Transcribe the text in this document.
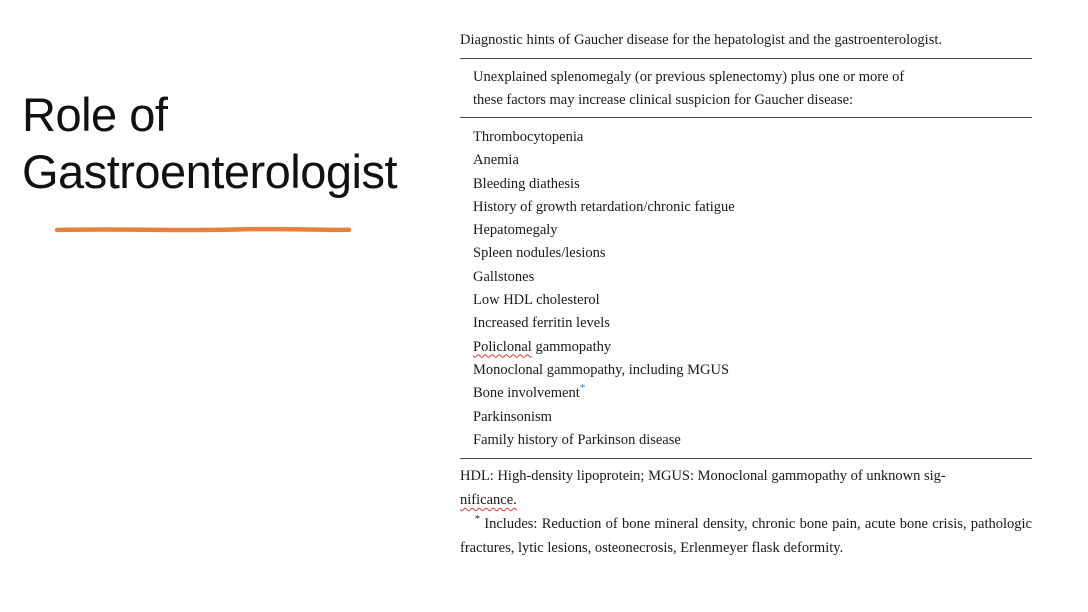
Role of
Gastroenterologist

Diagnostic hints of Gaucher disease for the hepatologist and the gastroenterologist.

Unexplained splenomegaly (or previous splenectomy) plus one or more of
these factors may increase clinical suspicion for Gaucher disease:

Thrombocytopenia
Anemia
Bleeding diathesis
History of growth retardation/chronic fatigue
Hepatomegaly
Spleen nodules/lesions
Gallstones
Low HDL cholesterol
Increased ferritin levels
Policlonal gammopathy
Monoclonal gammopathy, including MGUS
Bone involvement*
Parkinsonism
Family history of Parkinson disease

HDL: High-density lipoprotein; MGUS: Monoclonal gammopathy of unknown sig-
nificance.

* Includes: Reduction of bone mineral density, chronic bone pain, acute bone crisis, pathologic fractures, lytic lesions, osteonecrosis, Erlenmeyer flask deformity.
